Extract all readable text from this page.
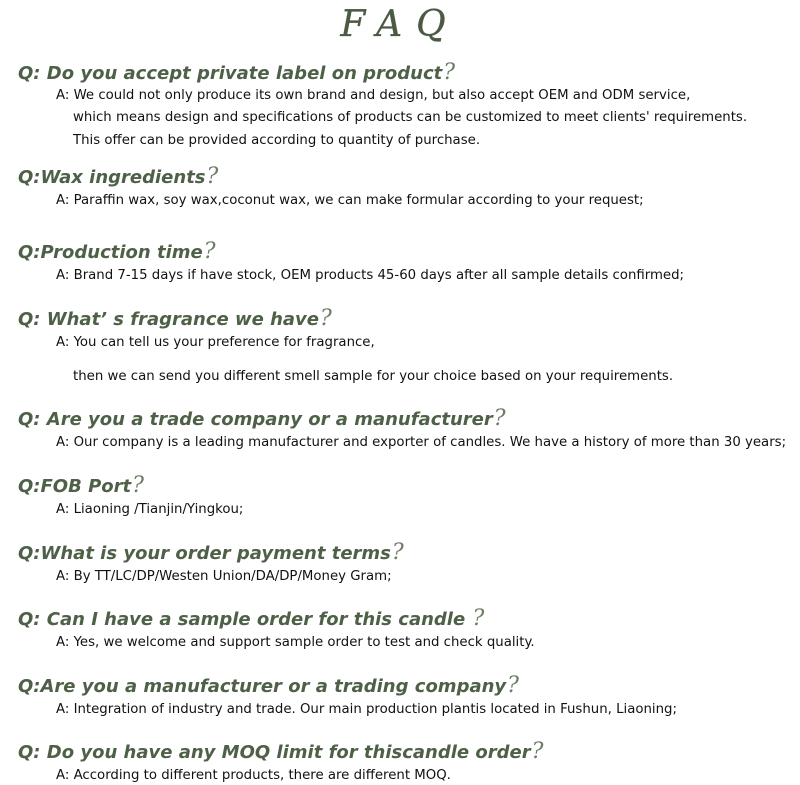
FAQ
Q: Do you accept private label on product?
A: We could not only produce its own brand and design, but also accept OEM and ODM service,
which means design and specifications of products can be customized to meet clients' requirements.
This offer can be provided according to quantity of purchase.
Q:Wax ingredients?
A: Paraffin wax, soy wax,coconut wax, we can make formular according to your request;
Q:Production time?
A: Brand 7-15 days if have stock, OEM products 45-60 days after all sample details confirmed;
Q: What’ s fragrance we have?
A: You can tell us your preference for fragrance,
then we can send you different smell sample for your choice based on your requirements.
Q: Are you a trade company or a manufacturer?
A: Our company is a leading manufacturer and exporter of candles. We have a history of more than 30 years;
Q:FOB Port?
A: Liaoning /Tianjin/Yingkou;
Q:What is your order payment terms?
A: By TT/LC/DP/Westen Union/DA/DP/Money Gram;
Q: Can I have a sample order for this candle ?
A: Yes, we welcome and support sample order to test and check quality.
Q:Are you a manufacturer or a trading company?
A: Integration of industry and trade. Our main production plantis located in Fushun, Liaoning;
Q: Do you have any MOQ limit for thiscandle order?
A: According to different products, there are different MOQ.
